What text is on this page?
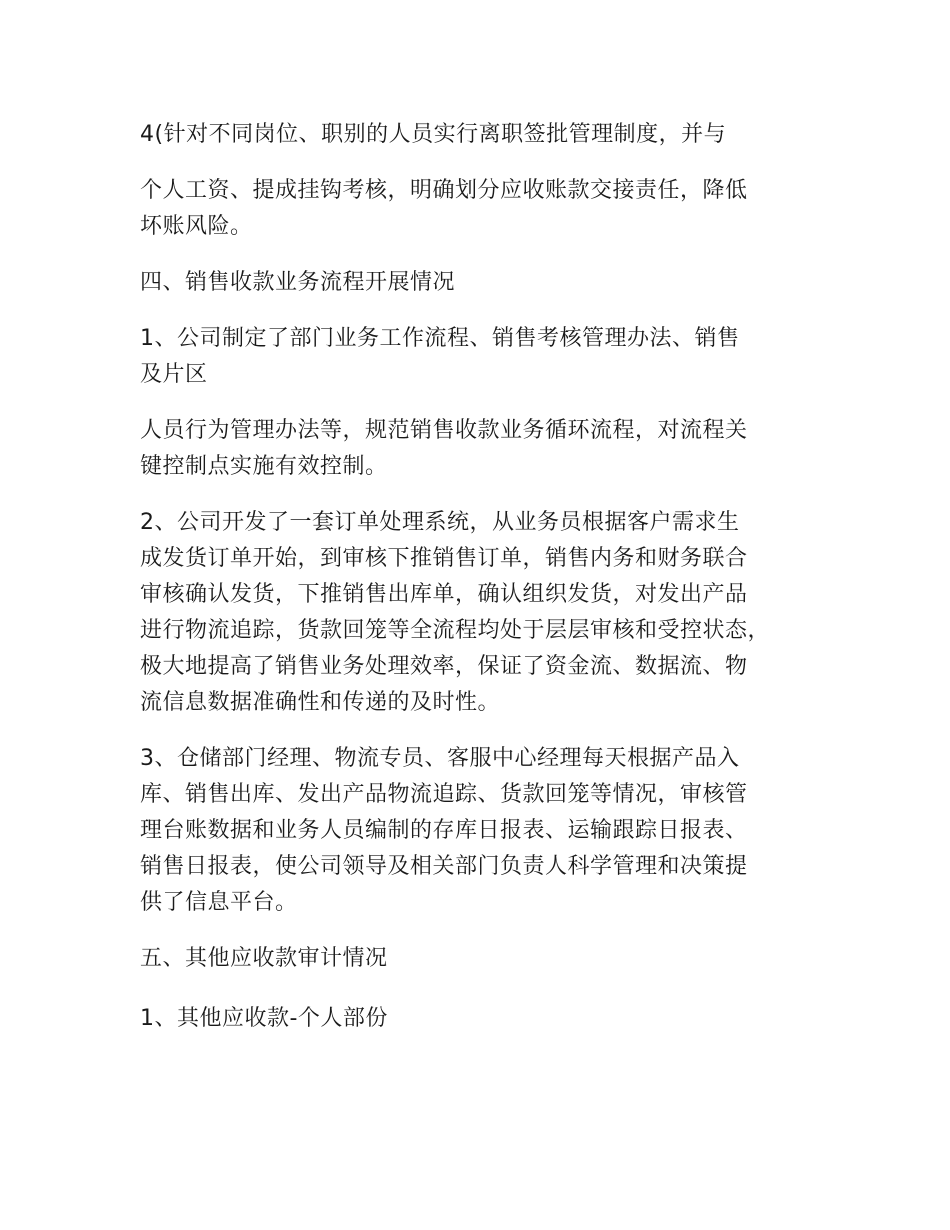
4(针对不同岗位、职别的人员实行离职签批管理制度，并与
个人工资、提成挂钩考核，明确划分应收账款交接责任，降低
坏账风险。
四、销售收款业务流程开展情况
1、公司制定了部门业务工作流程、销售考核管理办法、销售
及片区
人员行为管理办法等，规范销售收款业务循环流程，对流程关
键控制点实施有效控制。
2、公司开发了一套订单处理系统，从业务员根据客户需求生
成发货订单开始，到审核下推销售订单，销售内务和财务联合
审核确认发货，下推销售出库单，确认组织发货，对发出产品
进行物流追踪，货款回笼等全流程均处于层层审核和受控状态，
极大地提高了销售业务处理效率，保证了资金流、数据流、物
流信息数据准确性和传递的及时性。
3、仓储部门经理、物流专员、客服中心经理每天根据产品入
库、销售出库、发出产品物流追踪、货款回笼等情况，审核管
理台账数据和业务人员编制的存库日报表、运输跟踪日报表、
销售日报表，使公司领导及相关部门负责人科学管理和决策提
供了信息平台。
五、其他应收款审计情况
1、其他应收款-个人部份
